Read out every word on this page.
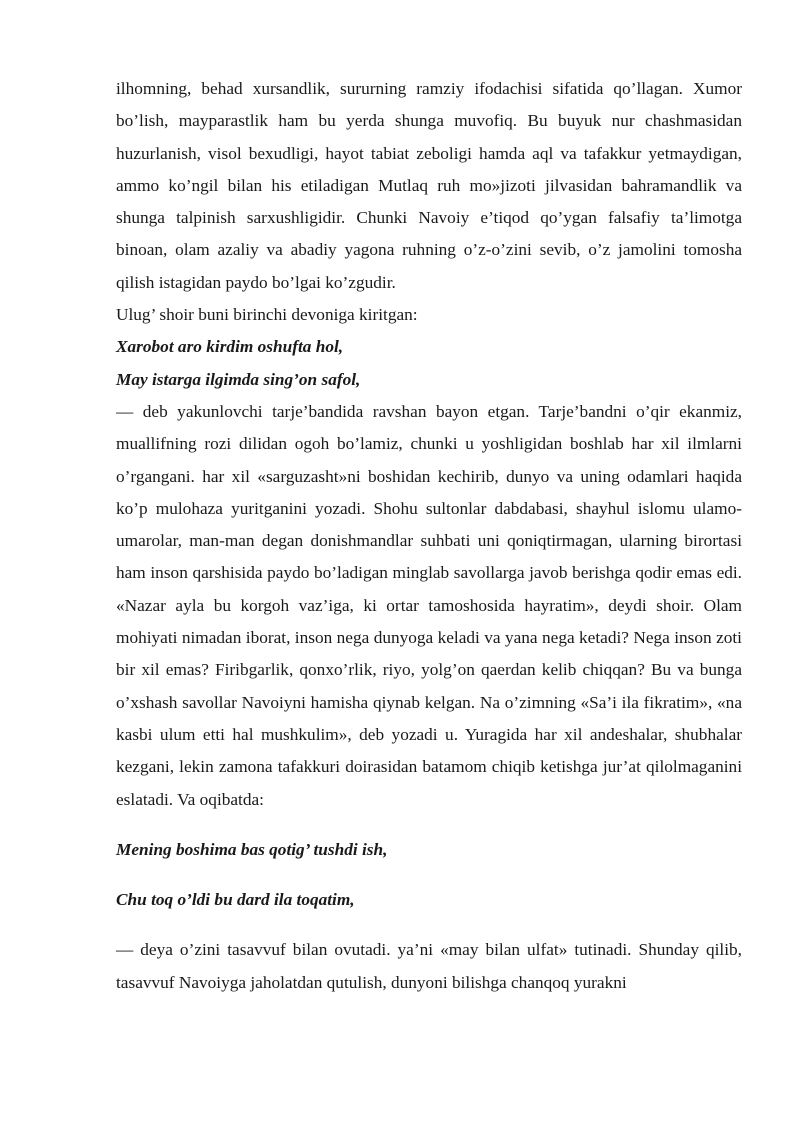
ilhomning, behad xursandlik, sururning ramziy ifodachisi sifatida qo’llagan. Xumor bo’lish, mayparastlik ham bu yerda shunga muvofiq. Bu buyuk nur chashmasidan huzurlanish, visol bexudligi, hayot tabiat zeboligi hamda aql va tafakkur yetmaydigan, ammo ko’ngil bilan his etiladigan Mutlaq ruh mo»jizoti jilvasidan bahramandlik va shunga talpinish sarxushligidir. Chunki Navoiy e’tiqod qo’ygan falsafiy ta’limotga binoan, olam azaliy va abadiy yagona ruhning o’z-o’zini sevib, o’z jamolini tomosha qilish istagidan paydo bo’lgai ko’zgudir.

Ulug’ shoir buni birinchi devoniga kiritgan:

Xarobot aro kirdim oshufta hol,

May istarga ilgimda sing’on safol,

— deb yakunlovchi tarje’bandida ravshan bayon etgan. Tarje’bandni o’qir ekanmiz, muallifning rozi dilidan ogoh bo’lamiz, chunki u yoshligidan boshlab har xil ilmlarni o’rgangani. har xil «sarguzasht»ni boshidan kechirib, dunyo va uning odamlari haqida ko’p mulohaza yuritganini yozadi. Shohu sultonlar dabdabasi, shayhul islomu ulamo-umarolar, man-man degan donishmandlar suhbati uni qoniqtirmagan, ularning birortasi ham inson qarshisida paydo bo’ladigan minglab savollarga javob berishga qodir emas edi. «Nazar ayla bu korgoh vaz’iga, ki ortar tamoshosida hayratim», deydi shoir. Olam mohiyati nimadan iborat, inson nega dunyoga keladi va yana nega ketadi? Nega inson zoti bir xil emas? Firibgarlik, qonxo’rlik, riyo, yolg’on qaerdan kelib chiqqan? Bu va bunga o’xshash savollar Navoiyni hamisha qiynab kelgan. Na o’zimning «Sa’i ila fikratim», «na kasbi ulum etti hal mushkulim», deb yozadi u. Yuragida har xil andeshalar, shubhalar kezgani, lekin zamona tafakkuri doirasidan batamom chiqib ketishga jur’at qilolmaganini eslatadi. Va oqibatda:

Mening boshima bas qotig’ tushdi ish,

Chu toq o’ldi bu dard ila toqatim,

— deya o’zini tasavvuf bilan ovutadi. ya’ni «may bilan ulfat» tutinadi. Shunday qilib, tasavvuf Navoiyga jaholatdan qutulish, dunyoni bilishga chanqoq yurakni
